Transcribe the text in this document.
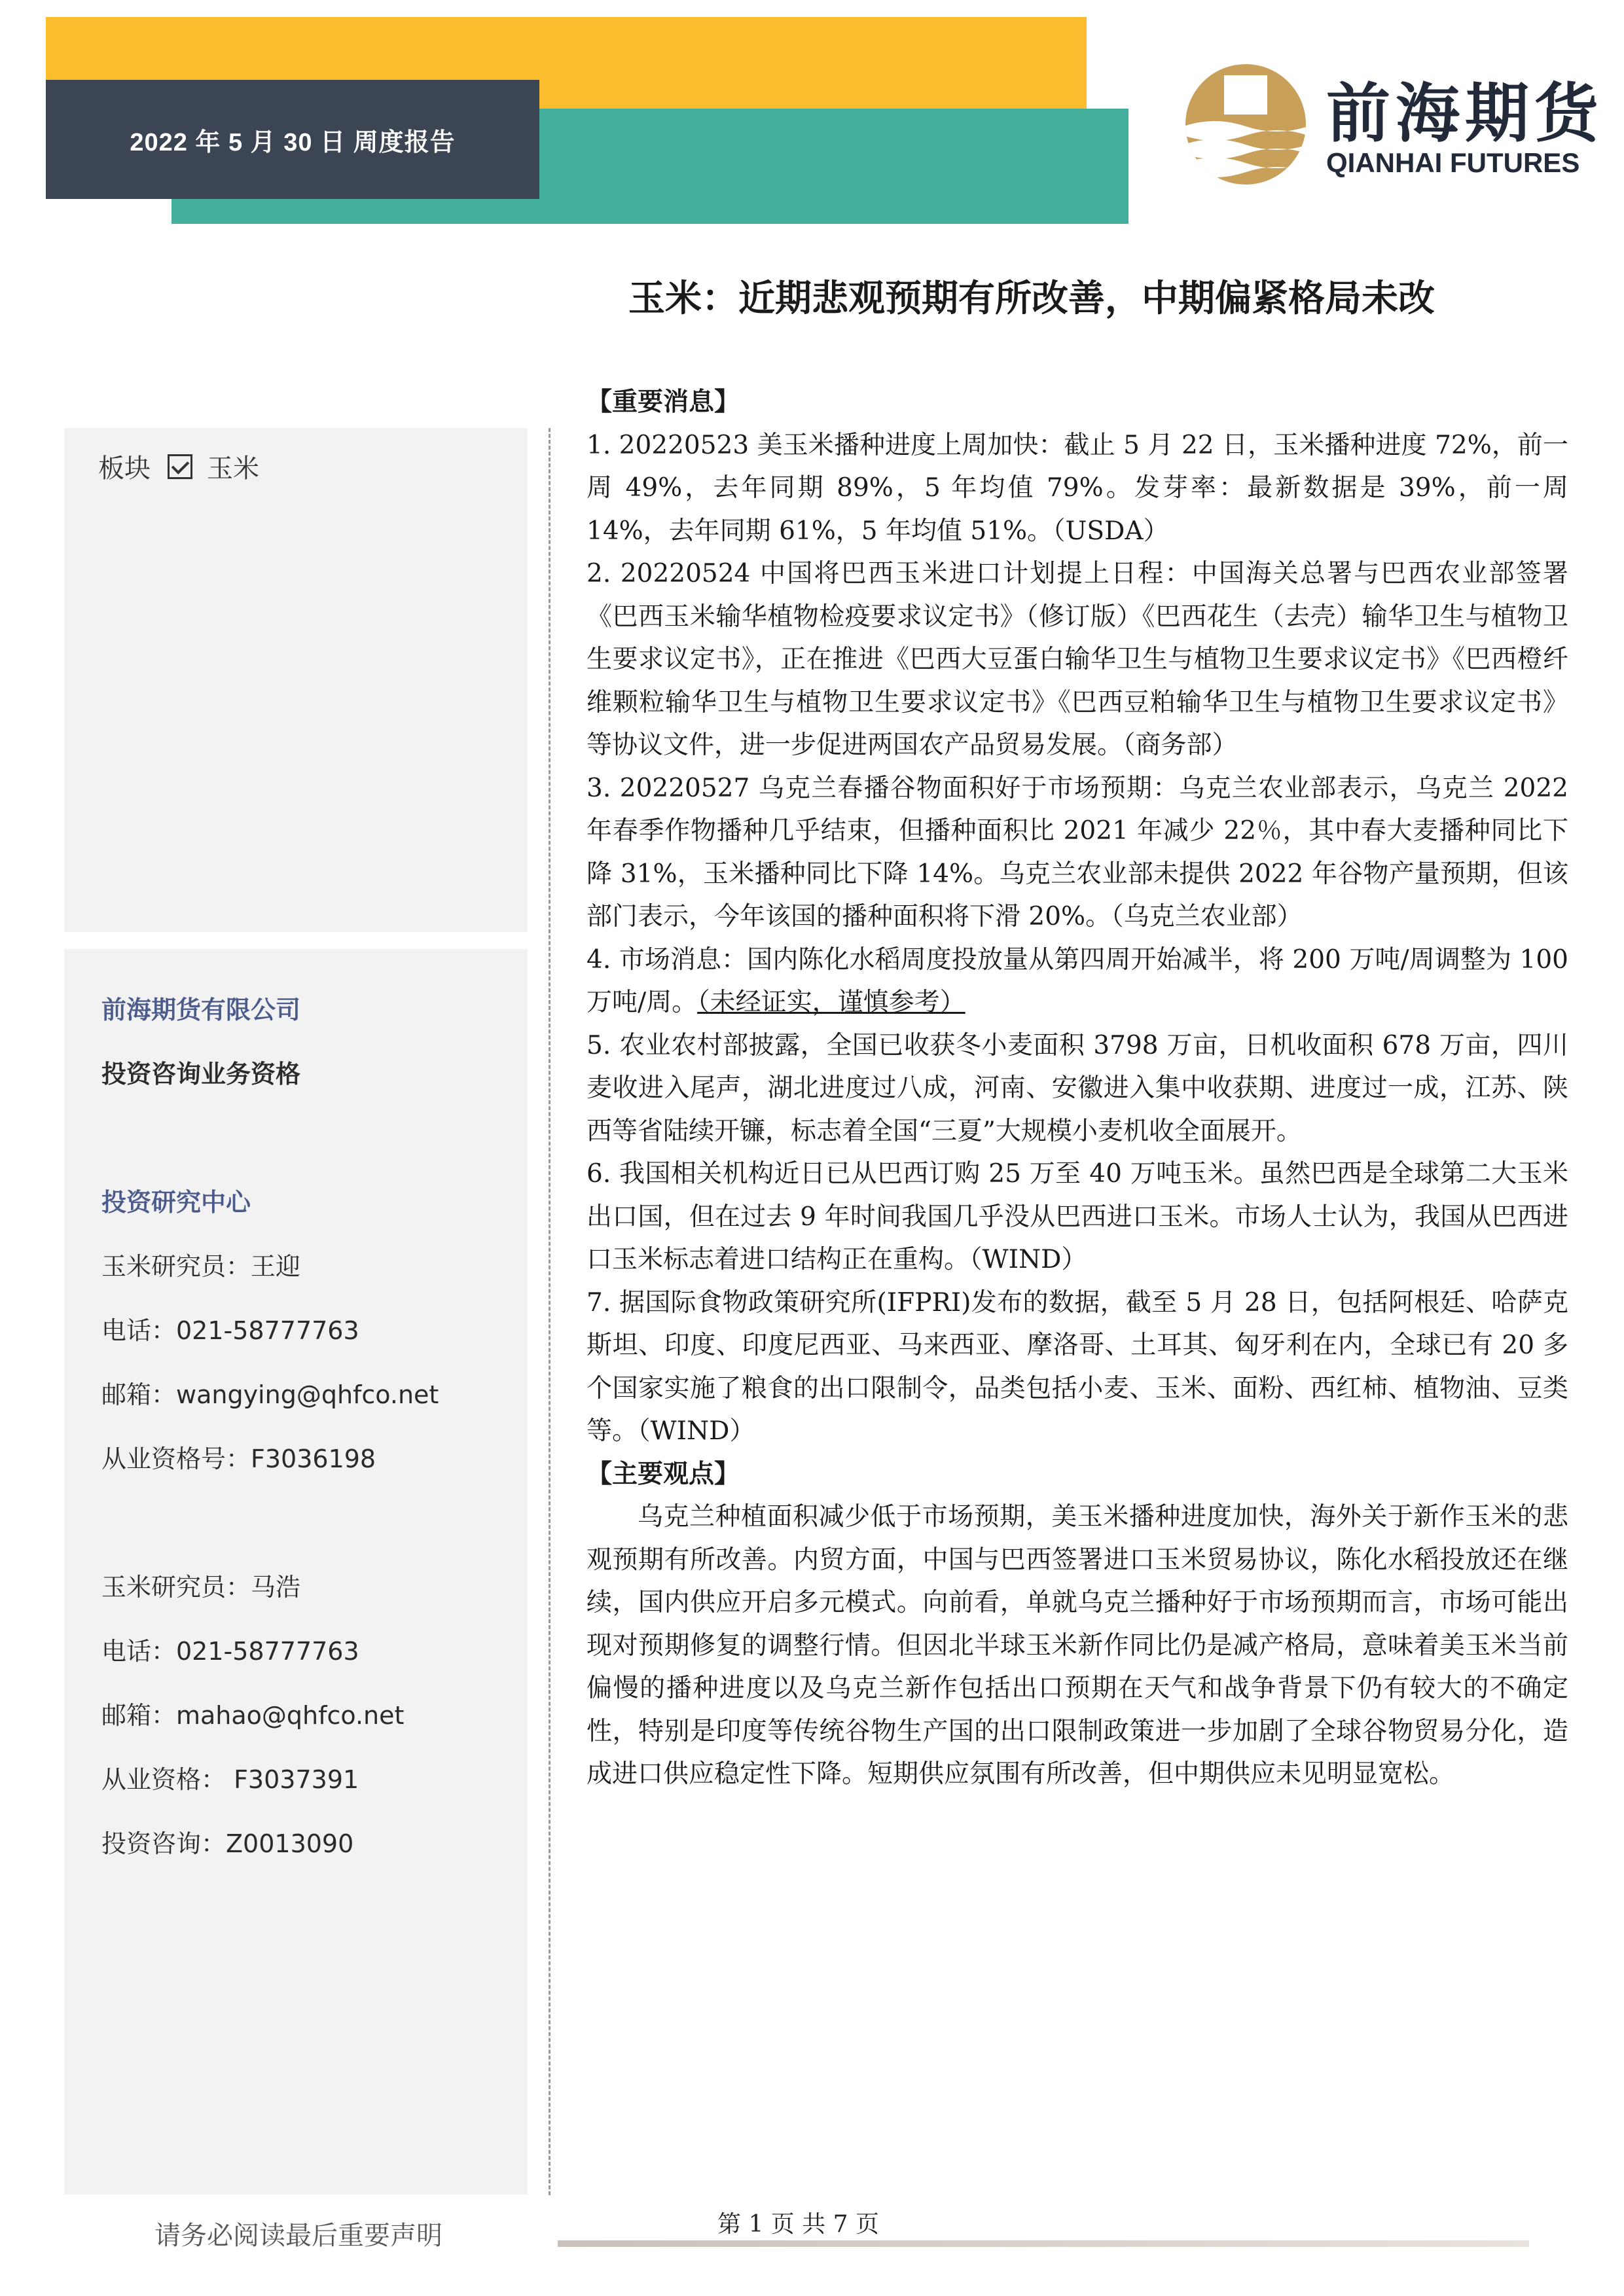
2022 年 5 月 30 日 周度报告	前海期货
QIANHAI FUTURES
玉米：近期悲观预期有所改善，中期偏紧格局未改
板块 玉米
前海期货有限公司
投资咨询业务资格
投资研究中心
玉米研究员：王迎
电话：021-58777763
邮箱：wangying@qhfco.net
从业资格号：F3036198
玉米研究员：马浩
电话：021-58777763
邮箱：mahao@qhfco.net
从业资格： F3037391
投资咨询：Z0013090

【重要消息】

1. 20220523 美玉米播种进度上周加快：截止 5 月 22 日，玉米播种进度 72%，前一周 49%，去年同期 89%，5 年均值 79%。发芽率：最新数据是 39%，前一周 14%，去年同期 61%，5 年均值 51%。（USDA）

2. 20220524 中国将巴西玉米进口计划提上日程：中国海关总署与巴西农业部签署《巴西玉米输华植物检疫要求议定书》（修订版）《巴西花生（去壳）输华卫生与植物卫生要求议定书》，正在推进《巴西大豆蛋白输华卫生与植物卫生要求议定书》《巴西橙纤维颗粒输华卫生与植物卫生要求议定书》《巴西豆粕输华卫生与植物卫生要求议定书》等协议文件，进一步促进两国农产品贸易发展。（商务部）

3. 20220527 乌克兰春播谷物面积好于市场预期：乌克兰农业部表示，乌克兰 2022 年春季作物播种几乎结束，但播种面积比 2021 年减少 22％，其中春大麦播种同比下降 31%，玉米播种同比下降 14%。乌克兰农业部未提供 2022 年谷物产量预期，但该部门表示，今年该国的播种面积将下滑 20%。（乌克兰农业部）

4. 市场消息：国内陈化水稻周度投放量从第四周开始减半，将 200 万吨/周调整为 100 万吨/周。（未经证实，谨慎参考）

5. 农业农村部披露，全国已收获冬小麦面积 3798 万亩，日机收面积 678 万亩，四川麦收进入尾声，湖北进度过八成，河南、安徽进入集中收获期、进度过一成，江苏、陕西等省陆续开镰，标志着全国“三夏”大规模小麦机收全面展开。

6. 我国相关机构近日已从巴西订购 25 万至 40 万吨玉米。虽然巴西是全球第二大玉米出口国，但在过去 9 年时间我国几乎没从巴西进口玉米。市场人士认为，我国从巴西进口玉米标志着进口结构正在重构。（WIND）

7. 据国际食物政策研究所(IFPRI)发布的数据，截至 5 月 28 日，包括阿根廷、哈萨克斯坦、印度、印度尼西亚、马来西亚、摩洛哥、土耳其、匈牙利在内，全球已有 20 多个国家实施了粮食的出口限制令，品类包括小麦、玉米、面粉、西红柿、植物油、豆类等。（WIND）

【主要观点】

乌克兰种植面积减少低于市场预期，美玉米播种进度加快，海外关于新作玉米的悲观预期有所改善。内贸方面，中国与巴西签署进口玉米贸易协议，陈化水稻投放还在继续，国内供应开启多元模式。向前看，单就乌克兰播种好于市场预期而言，市场可能出现对预期修复的调整行情。但因北半球玉米新作同比仍是减产格局，意味着美玉米当前偏慢的播种进度以及乌克兰新作包括出口预期在天气和战争背景下仍有较大的不确定性，特别是印度等传统谷物生产国的出口限制政策进一步加剧了全球谷物贸易分化，造成进口供应稳定性下降。短期供应氛围有所改善，但中期供应未见明显宽松。

请务必阅读最后重要声明	第 1 页 共 7 页
